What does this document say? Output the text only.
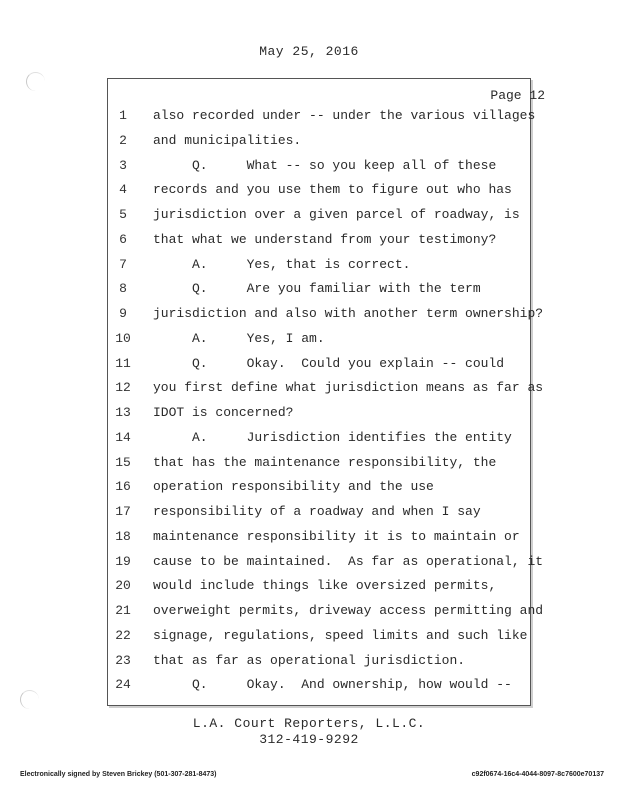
May 25, 2016
Page 12
1	also recorded under -- under the various villages
2	and municipalities.
3	Q.     What -- so you keep all of these
4	records and you use them to figure out who has
5	jurisdiction over a given parcel of roadway, is
6	that what we understand from your testimony?
7	A.     Yes, that is correct.
8	Q.     Are you familiar with the term
9	jurisdiction and also with another term ownership?
10 A.     Yes, I am.
11 Q.     Okay.  Could you explain -- could
12 you first define what jurisdiction means as far as
13 IDOT is concerned?
14 A.     Jurisdiction identifies the entity
15 that has the maintenance responsibility, the
16 operation responsibility and the use
17 responsibility of a roadway and when I say
18 maintenance responsibility it is to maintain or
19 cause to be maintained.  As far as operational, it
20 would include things like oversized permits,
21 overweight permits, driveway access permitting and
22 signage, regulations, speed limits and such like
23 that as far as operational jurisdiction.
24 Q.     Okay.  And ownership, how would --
L.A. Court Reporters, L.L.C.
312-419-9292
Electronically signed by Steven Brickey (501-307-281-8473)	c92f0674-16c4-4044-8097-8c7600e70137
